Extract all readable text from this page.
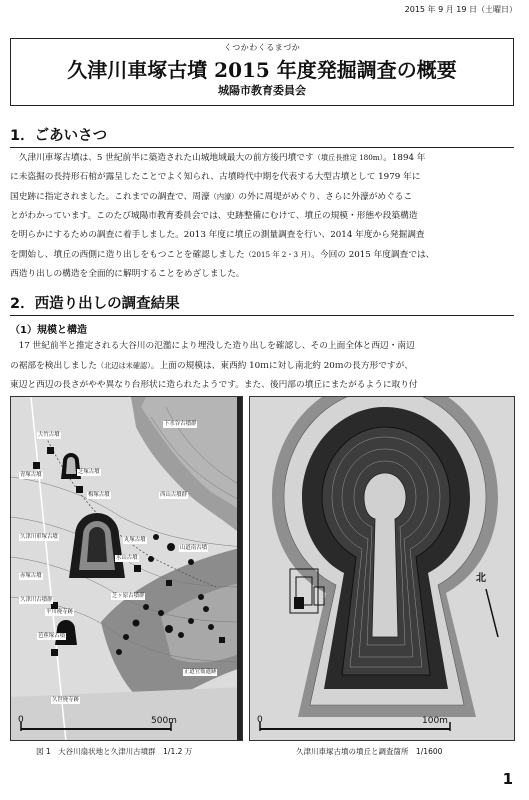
2015 年 9 月 19 日（土曜日）
くつかわくるまづか
久津川車塚古墳 2015 年度発掘調査の概要
城陽市教育委員会
1．ごあいさつ

久津川車塚古墳は、5 世紀前半に築造された山城地域最大の前方後円墳です（墳丘長推定 180m）。1894 年

に未盗掘の長持形石棺が露呈したことでよく知られ、古墳時代中期を代表する大型古墳として 1979 年に
国史跡に指定されました。これまでの調査で、周濠（内濠）の外に周堤がめぐり、さらに外濠がめぐるこ
とがわかっています。このたび城陽市教育委員会では、史跡整備にむけて、墳丘の規模・形態や段築構造
を明らかにするための調査に着手しました。2013 年度に墳丘の測量調査を行い、2014 年度から発掘調査
を開始し、墳丘の西側に造り出しをもつことを確認しました（2015 年 2・3 月）。今回の 2015 年度調査では、
西造り出しの構造を全面的に解明することをめざしました。
2．西造り出しの調査結果
（1）規模と構造

17 世紀前半と推定される大谷川の氾濫により埋没した造り出しを確認し、その上面全体と西辺・南辺

の裾部を検出しました（北辺は未確認）。上面の規模は、東西約 10ｍに対し南北約 20ｍの長方形ですが、
東辺と西辺の長さがやや異なり台形状に造られたようです。また、後円部の墳丘にまたがるように取り付
大竹古墳
下水谷古墳群
青塚古墳	芝塚古墳
梅塚古墳	西山古墳群
久津川車塚古墳	丸塚古墳
山道南古墳
水山古墳
赤塚古墳
久津川古墳群
平川廃寺跡
芝ヶ原古墳群
芭蕉塚古墳
正道官衙遺跡
久世廃寺跡
0	500m
北
0	100m
図 1　大谷川扇状地と久津川古墳群　1/1.2 万	久津川車塚古墳の墳丘と調査箇所　1/1600
1
